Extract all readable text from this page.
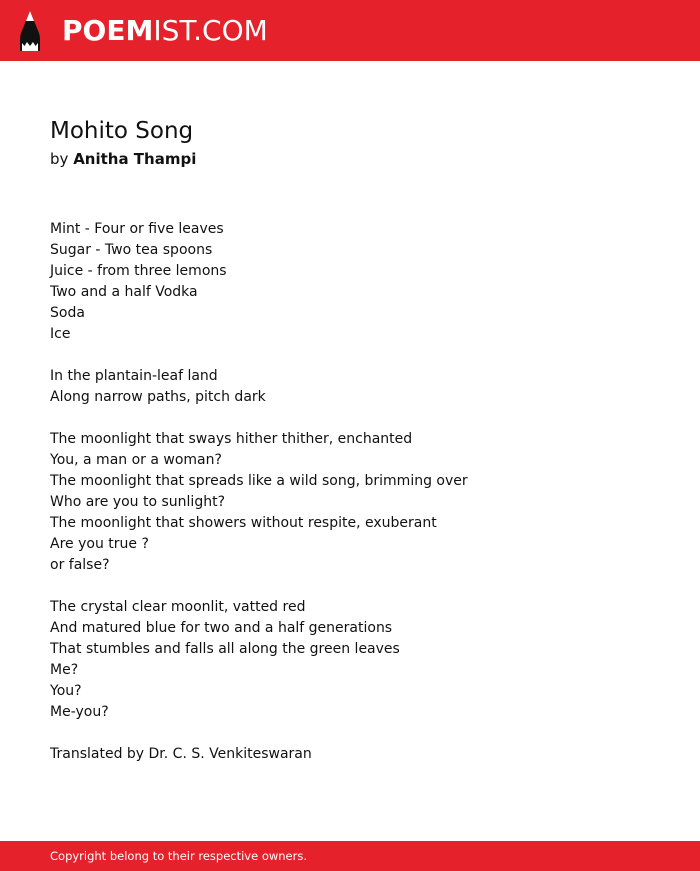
POEMIST.COM
Mohito Song
by Anitha Thampi
Mint - Four or five leaves
Sugar - Two tea spoons
Juice - from three lemons
Two and a half Vodka
Soda
Ice
In the plantain-leaf land
Along narrow paths, pitch dark
The moonlight that sways hither thither, enchanted
You, a man or a woman?
The moonlight that spreads like a wild song, brimming over
Who are you to sunlight?
The moonlight that showers without respite, exuberant
Are you true ?
or false?
The crystal clear moonlit, vatted red
And matured blue for two and a half generations
That stumbles and falls all along the green leaves
Me?
You?
Me-you?
Translated by Dr. C. S. Venkiteswaran
Copyright belong to their respective owners.
